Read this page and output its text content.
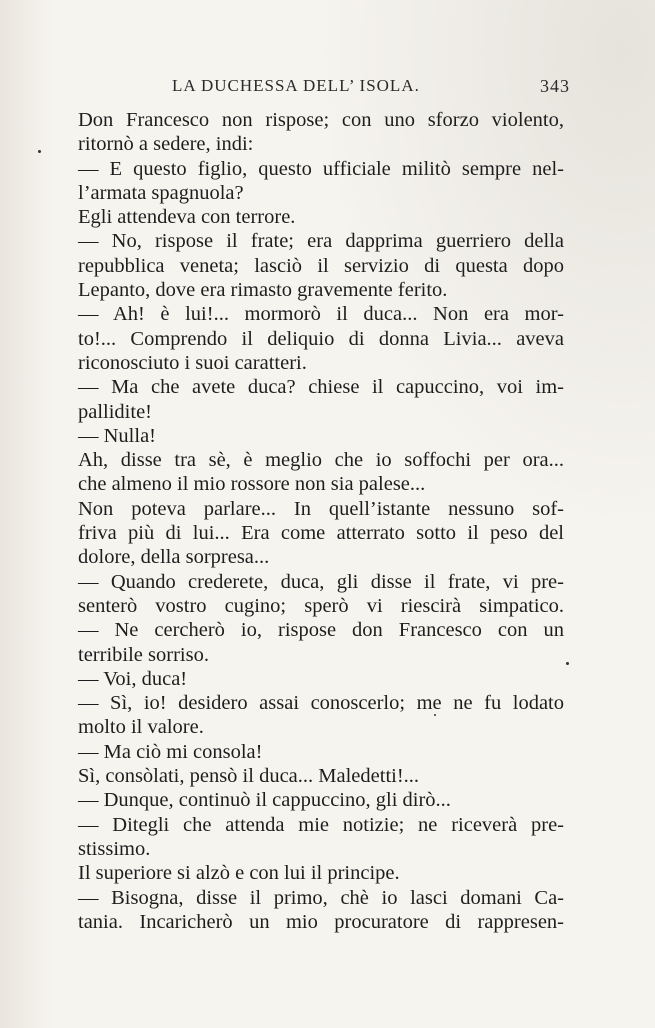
LA DUCHESSA DELL’ ISOLA.	343
Don Francesco non rispose; con uno sforzo violento,
ritornò a sedere, indi:
— E questo figlio, questo ufficiale militò sempre nel-
l’armata spagnuola?
Egli attendeva con terrore.
— No, rispose il frate; era dapprima guerriero della
repubblica veneta; lasciò il servizio di questa dopo
Lepanto, dove era rimasto gravemente ferito.
— Ah! è lui!... mormorò il duca... Non era mor-
to!... Comprendo il deliquio di donna Livia... aveva
riconosciuto i suoi caratteri.
— Ma che avete duca? chiese il capuccino, voi im-
pallidite!
— Nulla!
Ah, disse tra sè, è meglio che io soffochi per ora...
che almeno il mio rossore non sia palese...
Non poteva parlare... In quell’istante nessuno sof-
friva più di lui... Era come atterrato sotto il peso del
dolore, della sorpresa...
— Quando crederete, duca, gli disse il frate, vi pre-
senterò vostro cugino; sperò vi riescirà simpatico.
— Ne cercherò io, rispose don Francesco con un
terribile sorriso.
— Voi, duca!
— Sì, io! desidero assai conoscerlo; me ne fu lodato
molto il valore.
— Ma ciò mi consola!
Sì, consòlati, pensò il duca... Maledetti!...
— Dunque, continuò il cappuccino, gli dirò...
— Ditegli che attenda mie notizie; ne riceverà pre-
stissimo.
Il superiore si alzò e con lui il principe.
— Bisogna, disse il primo, chè io lasci domani Ca-
tania. Incaricherò un mio procuratore di rappresen-
